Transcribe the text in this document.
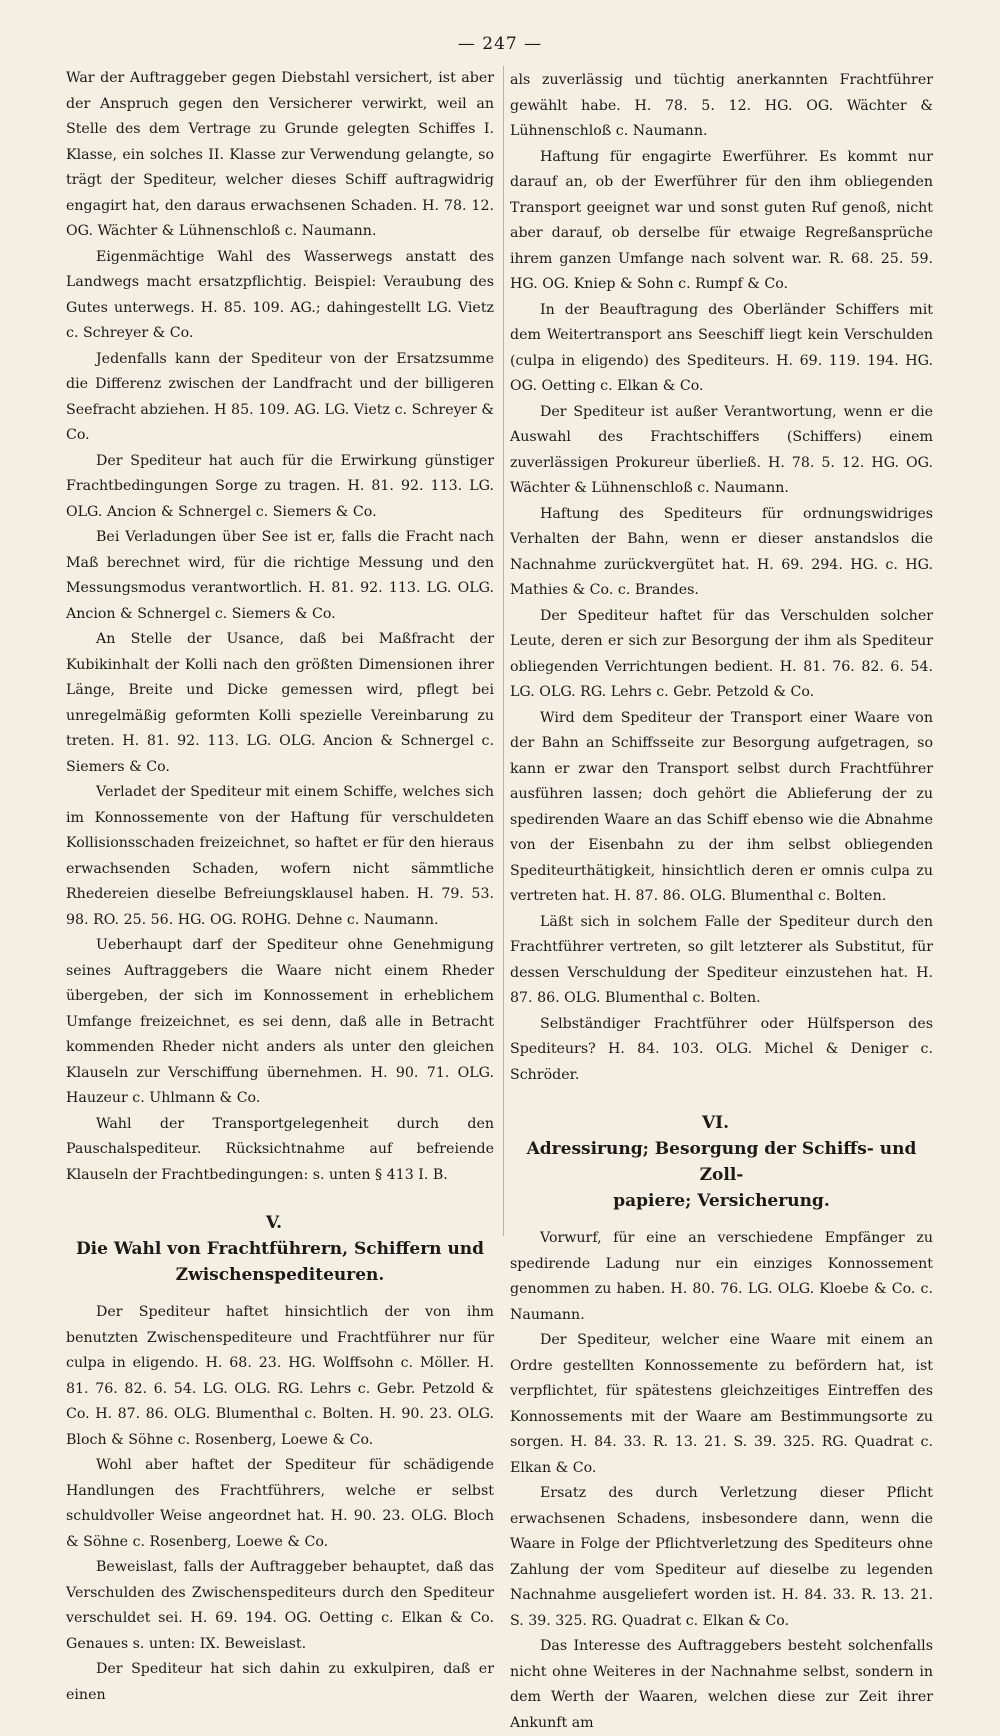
— 247 —

War der Auftraggeber gegen Diebstahl versichert, ist aber der Anspruch gegen den Versicherer verwirkt, weil an Stelle des dem Vertrage zu Grunde gelegten Schiffes I. Klasse, ein solches II. Klasse zur Verwendung gelangte, so trägt der Spediteur, welcher dieses Schiff auftragwidrig engagirt hat, den daraus erwachsenen Schaden. H. 78. 12. OG. Wächter & Lühnenschloß c. Naumann.

Eigenmächtige Wahl des Wasserwegs anstatt des Landwegs macht ersatzpflichtig. Beispiel: Veraubung des Gutes unterwegs. H. 85. 109. AG.; dahingestellt LG. Vietz c. Schreyer & Co.

Jedenfalls kann der Spediteur von der Ersatzsumme die Differenz zwischen der Landfracht und der billigeren Seefracht abziehen. H 85. 109. AG. LG. Vietz c. Schreyer & Co.

Der Spediteur hat auch für die Erwirkung günstiger Frachtbedingungen Sorge zu tragen. H. 81. 92. 113. LG. OLG. Ancion & Schnergel c. Siemers & Co.

Bei Verladungen über See ist er, falls die Fracht nach Maß berechnet wird, für die richtige Messung und den Messungsmodus verantwortlich. H. 81. 92. 113. LG. OLG. Ancion & Schnergel c. Siemers & Co.

An Stelle der Usance, daß bei Maßfracht der Kubikinhalt der Kolli nach den größten Dimensionen ihrer Länge, Breite und Dicke gemessen wird, pflegt bei unregelmäßig geformten Kolli spezielle Vereinbarung zu treten. H. 81. 92. 113. LG. OLG. Ancion & Schnergel c. Siemers & Co.

Verladet der Spediteur mit einem Schiffe, welches sich im Konnossemente von der Haftung für verschuldeten Kollisionsschaden freizeichnet, so haftet er für den hieraus erwachsenden Schaden, wofern nicht sämmtliche Rhedereien dieselbe Befreiungsklausel haben. H. 79. 53. 98. RO. 25. 56. HG. OG. ROHG. Dehne c. Naumann.

Ueberhaupt darf der Spediteur ohne Genehmigung seines Auftraggebers die Waare nicht einem Rheder übergeben, der sich im Konnossement in erheblichem Umfange freizeichnet, es sei denn, daß alle in Betracht kommenden Rheder nicht anders als unter den gleichen Klauseln zur Verschiffung übernehmen. H. 90. 71. OLG. Hauzeur c. Uhlmann & Co.

Wahl der Transportgelegenheit durch den Pauschalspediteur. Rücksichtnahme auf befreiende Klauseln der Frachtbedingungen: s. unten § 413 I. B.

V.Die Wahl von Frachtführern, Schiffern und
Zwischenspediteuren.

Der Spediteur haftet hinsichtlich der von ihm benutzten Zwischenspediteure und Frachtführer nur für culpa in eligendo. H. 68. 23. HG. Wolffsohn c. Möller. H. 81. 76. 82. 6. 54. LG. OLG. RG. Lehrs c. Gebr. Petzold & Co. H. 87. 86. OLG. Blumenthal c. Bolten. H. 90. 23. OLG. Bloch & Söhne c. Rosenberg, Loewe & Co.

Wohl aber haftet der Spediteur für schädigende Handlungen des Frachtführers, welche er selbst schuldvoller Weise angeordnet hat. H. 90. 23. OLG. Bloch & Söhne c. Rosenberg, Loewe & Co.

Beweislast, falls der Auftraggeber behauptet, daß das Verschulden des Zwischenspediteurs durch den Spediteur verschuldet sei. H. 69. 194. OG. Oetting c. Elkan & Co. Genaues s. unten: IX. Beweislast.

Der Spediteur hat sich dahin zu exkulpiren, daß er einen

als zuverlässig und tüchtig anerkannten Frachtführer gewählt habe. H. 78. 5. 12. HG. OG. Wächter & Lühnenschloß c. Naumann.

Haftung für engagirte Ewerführer. Es kommt nur darauf an, ob der Ewerführer für den ihm obliegenden Transport geeignet war und sonst guten Ruf genoß, nicht aber darauf, ob derselbe für etwaige Regreßansprüche ihrem ganzen Umfange nach solvent war. R. 68. 25. 59. HG. OG. Kniep & Sohn c. Rumpf & Co.

In der Beauftragung des Oberländer Schiffers mit dem Weitertransport ans Seeschiff liegt kein Verschulden (culpa in eligendo) des Spediteurs. H. 69. 119. 194. HG. OG. Oetting c. Elkan & Co.

Der Spediteur ist außer Verantwortung, wenn er die Auswahl des Frachtschiffers (Schiffers) einem zuverlässigen Prokureur überließ. H. 78. 5. 12. HG. OG. Wächter & Lühnenschloß c. Naumann.

Haftung des Spediteurs für ordnungswidriges Verhalten der Bahn, wenn er dieser anstandslos die Nachnahme zurückvergütet hat. H. 69. 294. HG. c. HG. Mathies & Co. c. Brandes.

Der Spediteur haftet für das Verschulden solcher Leute, deren er sich zur Besorgung der ihm als Spediteur obliegenden Verrichtungen bedient. H. 81. 76. 82. 6. 54. LG. OLG. RG. Lehrs c. Gebr. Petzold & Co.

Wird dem Spediteur der Transport einer Waare von der Bahn an Schiffsseite zur Besorgung aufgetragen, so kann er zwar den Transport selbst durch Frachtführer ausführen lassen; doch gehört die Ablieferung der zu spedirenden Waare an das Schiff ebenso wie die Abnahme von der Eisenbahn zu der ihm selbst obliegenden Spediteurthätigkeit, hinsichtlich deren er omnis culpa zu vertreten hat. H. 87. 86. OLG. Blumenthal c. Bolten.

Läßt sich in solchem Falle der Spediteur durch den Frachtführer vertreten, so gilt letzterer als Substitut, für dessen Verschuldung der Spediteur einzustehen hat. H. 87. 86. OLG. Blumenthal c. Bolten.

Selbständiger Frachtführer oder Hülfsperson des Spediteurs? H. 84. 103. OLG. Michel & Deniger c. Schröder.

VI.Adressirung; Besorgung der Schiffs- und Zoll-
papiere; Versicherung.

Vorwurf, für eine an verschiedene Empfänger zu spedirende Ladung nur ein einziges Konnossement genommen zu haben. H. 80. 76. LG. OLG. Kloebe & Co. c. Naumann.

Der Spediteur, welcher eine Waare mit einem an Ordre gestellten Konnossemente zu befördern hat, ist verpflichtet, für spätestens gleichzeitiges Eintreffen des Konnossements mit der Waare am Bestimmungsorte zu sorgen. H. 84. 33. R. 13. 21. S. 39. 325. RG. Quadrat c. Elkan & Co.

Ersatz des durch Verletzung dieser Pflicht erwachsenen Schadens, insbesondere dann, wenn die Waare in Folge der Pflichtverletzung des Spediteurs ohne Zahlung der vom Spediteur auf dieselbe zu legenden Nachnahme ausgeliefert worden ist. H. 84. 33. R. 13. 21. S. 39. 325. RG. Quadrat c. Elkan & Co.

Das Interesse des Auftraggebers besteht solchenfalls nicht ohne Weiteres in der Nachnahme selbst, sondern in dem Werth der Waaren, welchen diese zur Zeit ihrer Ankunft am
